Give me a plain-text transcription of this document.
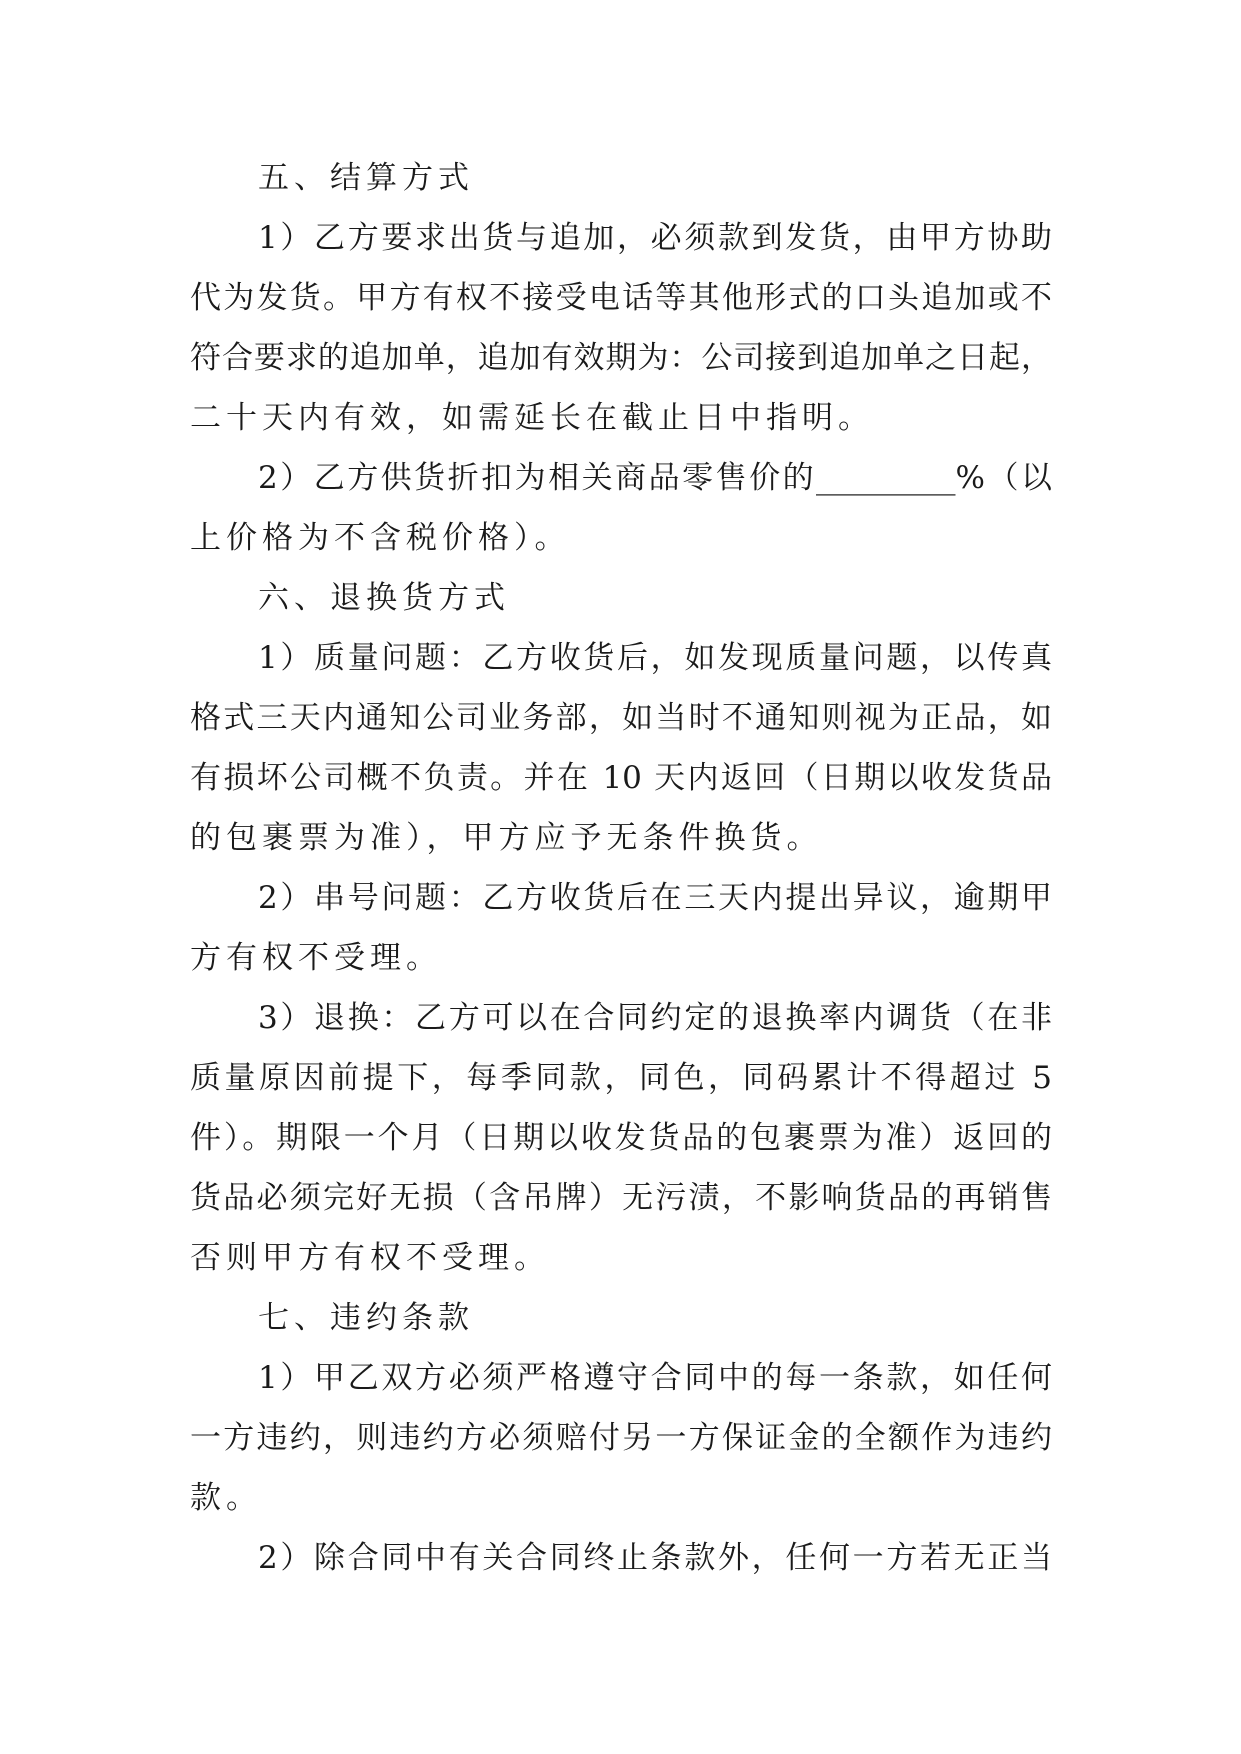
五、结算方式
1）乙方要求出货与追加，必须款到发货，由甲方协助
代为发货。甲方有权不接受电话等其他形式的口头追加或不
符合要求的追加单，追加有效期为：公司接到追加单之日起，
二十天内有效，如需延长在截止日中指明。
2）乙方供货折扣为相关商品零售价的_________%（以
上价格为不含税价格）。
六、退换货方式
1）质量问题：乙方收货后，如发现质量问题，以传真
格式三天内通知公司业务部，如当时不通知则视为正品，如
有损坏公司概不负责。并在 10 天内返回（日期以收发货品
的包裹票为准），甲方应予无条件换货。
2）串号问题：乙方收货后在三天内提出异议，逾期甲
方有权不受理。
3）退换：乙方可以在合同约定的退换率内调货（在非
质量原因前提下，每季同款，同色，同码累计不得超过 5
件）。期限一个月（日期以收发货品的包裹票为准）返回的
货品必须完好无损（含吊牌）无污渍，不影响货品的再销售
否则甲方有权不受理。
七、违约条款
1）甲乙双方必须严格遵守合同中的每一条款，如任何
一方违约，则违约方必须赔付另一方保证金的全额作为违约
款。
2）除合同中有关合同终止条款外，任何一方若无正当
